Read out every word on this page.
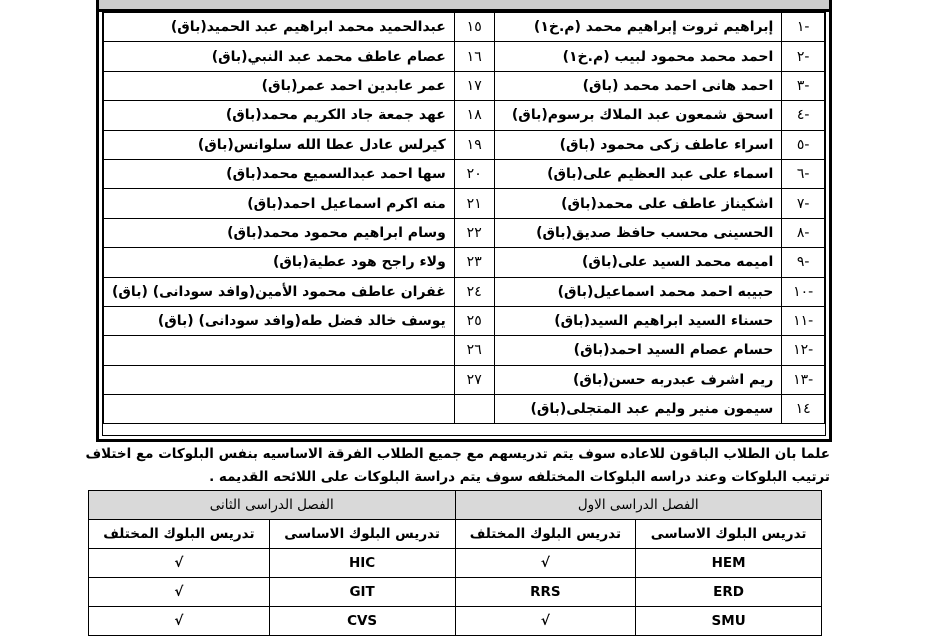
-١	إبراهيم ثروت إبراهيم محمد (م.خ١)	١٥	عبدالحميد محمد ابراهيم عبد الحميد(باق)
-٢	احمد محمد محمود لبيب (م.خ١)	١٦	عصام عاطف محمد عبد النبي(باق)
-٣	احمد هانى احمد محمد (باق)	١٧	عمر عابدين احمد عمر(باق)
-٤	اسحق شمعون عبد الملاك برسوم(باق)	١٨	عهد جمعة جاد الكريم محمد(باق)
-٥	اسراء عاطف زكى محمود (باق)	١٩	كيرلس عادل عطا الله سلوانس(باق)
-٦	اسماء على عبد العظيم على(باق)	٢٠	سها احمد عبدالسميع محمد(باق)
-٧	اشكيناز عاطف على محمد(باق)	٢١	منه اكرم اسماعيل احمد(باق)
-٨	الحسينى محسب حافظ صديق(باق)	٢٢	وسام ابراهيم محمود محمد(باق)
-٩	اميمه محمد السيد على(باق)	٢٣	ولاء راجح هود عطية(باق)
-١٠	حبيبه احمد محمد اسماعيل(باق)	٢٤	غفران عاطف محمود الأمين(وافد سودانى) (باق)
-١١	حسناء السيد ابراهيم السيد(باق)	٢٥	يوسف خالد فضل طه(وافد سودانى) (باق)
-١٢	حسام عصام السيد احمد(باق)	٢٦	
-١٣	ريم اشرف عبدربه حسن(باق)	٢٧	
١٤	سيمون منير وليم عبد المتجلى(باق)		
علما بان الطلاب الباقون للاعاده سوف يتم تدريسهم مع جميع الطلاب الفرقة الاساسيه بنفس البلوكات مع اختلاف
ترتيب البلوكات وعند دراسه البلوكات المختلفه سوف يتم دراسة البلوكات على اللائحه القديمه .
الفصل الدراسى الاول		الفصل الدراسى الثانى	
تدريس البلوك الاساسى	تدريس البلوك المختلف	تدريس البلوك الاساسى	تدريس البلوك المختلف
HEM	√	HIC	√
ERD	RRS	GIT	√
SMU	√	CVS	√
